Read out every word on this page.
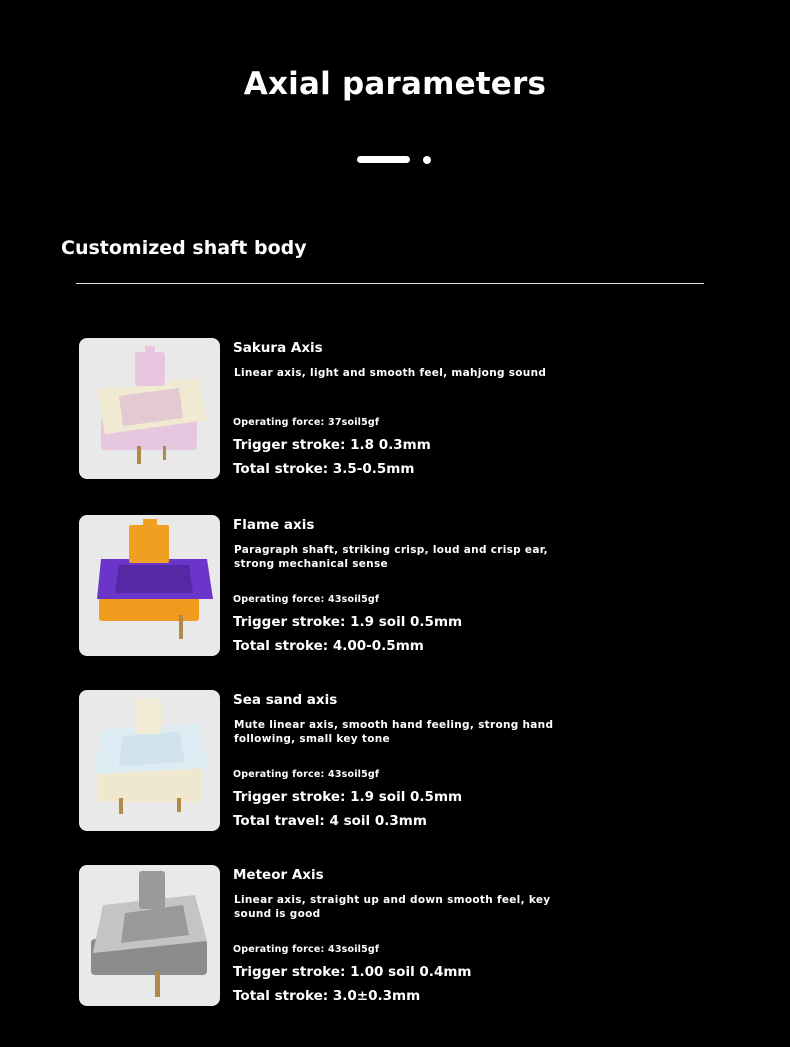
Axial parameters
Customized shaft body
Sakura Axis
Linear axis, light and smooth feel, mahjong sound
Operating force: 37soil5gf
Trigger stroke: 1.8 0.3mm
Total stroke: 3.5-0.5mm
Flame axis
Paragraph shaft, striking crisp, loud and crisp ear, strong mechanical sense
Operating force: 43soil5gf
Trigger stroke: 1.9 soil 0.5mm
Total stroke: 4.00-0.5mm
Sea sand axis
Mute linear axis, smooth hand feeling, strong hand following, small key tone
Operating force: 43soil5gf
Trigger stroke: 1.9 soil 0.5mm
Total travel: 4 soil 0.3mm
Meteor Axis
Linear axis, straight up and down smooth feel, key sound is good
Operating force: 43soil5gf
Trigger stroke: 1.00 soil 0.4mm
Total stroke: 3.0±0.3mm
